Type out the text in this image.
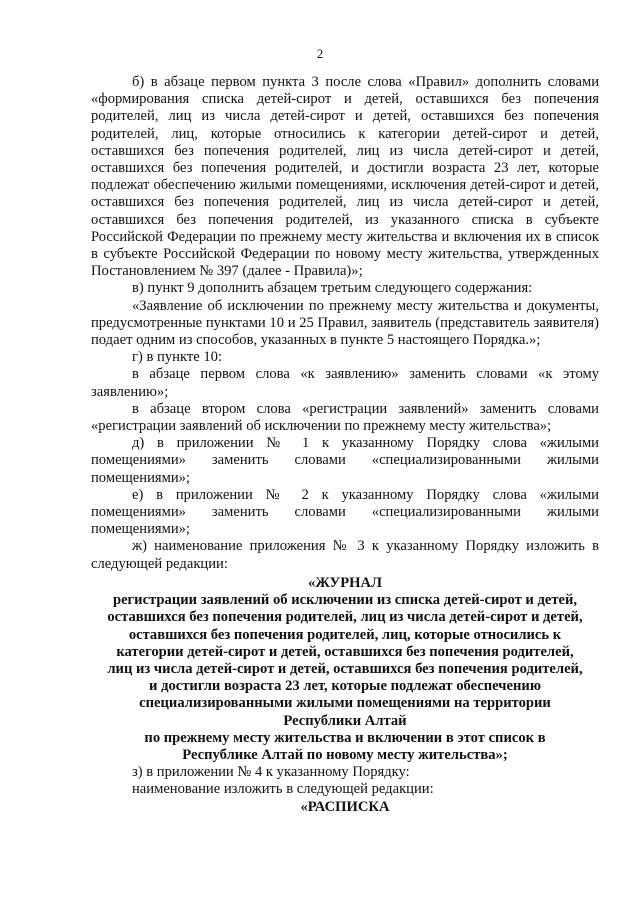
2

б) в абзаце первом пункта 3 после слова «Правил» дополнить словами «формирования списка детей-сирот и детей, оставшихся без попечения родителей, лиц из числа детей-сирот и детей, оставшихся без попечения родителей, лиц, которые относились к категории детей-сирот и детей, оставшихся без попечения родителей, лиц из числа детей-сирот и детей, оставшихся без попечения родителей, и достигли возраста 23 лет, которые подлежат обеспечению жилыми помещениями, исключения детей-сирот и детей, оставшихся без попечения родителей, лиц из числа детей-сирот и детей, оставшихся без попечения родителей, из указанного списка в субъекте Российской Федерации по прежнему месту жительства и включения их в список в субъекте Российской Федерации по новому месту жительства, утвержденных Постановлением № 397 (далее - Правила)»;

в) пункт 9 дополнить абзацем третьим следующего содержания:

«Заявление об исключении по прежнему месту жительства и документы, предусмотренные пунктами 10 и 25 Правил, заявитель (представитель заявителя) подает одним из способов, указанных в пункте 5 настоящего Порядка.»;

г) в пункте 10:

в абзаце первом слова «к заявлению» заменить словами «к этому заявлению»;

в абзаце втором слова «регистрации заявлений» заменить словами «регистрации заявлений об исключении по прежнему месту жительства»;

д) в приложении № 1 к указанному Порядку слова «жилыми помещениями» заменить словами «специализированными жилыми помещениями»;

е) в приложении № 2 к указанному Порядку слова «жилыми помещениями» заменить словами «специализированными жилыми помещениями»;

ж) наименование приложения № 3 к указанному Порядку изложить в следующей редакции:

«ЖУРНАЛ
регистрации заявлений об исключении из списка детей-сирот и детей,
оставшихся без попечения родителей, лиц из числа детей-сирот и детей,
оставшихся без попечения родителей, лиц, которые относились к
категории детей-сирот и детей, оставшихся без попечения родителей,
лиц из числа детей-сирот и детей, оставшихся без попечения родителей,
и достигли возраста 23 лет, которые подлежат обеспечению
специализированными жилыми помещениями на территории
Республики Алтай
по прежнему месту жительства и включении в этот список в
Республике Алтай по новому месту жительства»;

з) в приложении № 4 к указанному Порядку:

наименование изложить в следующей редакции:

«РАСПИСКА
